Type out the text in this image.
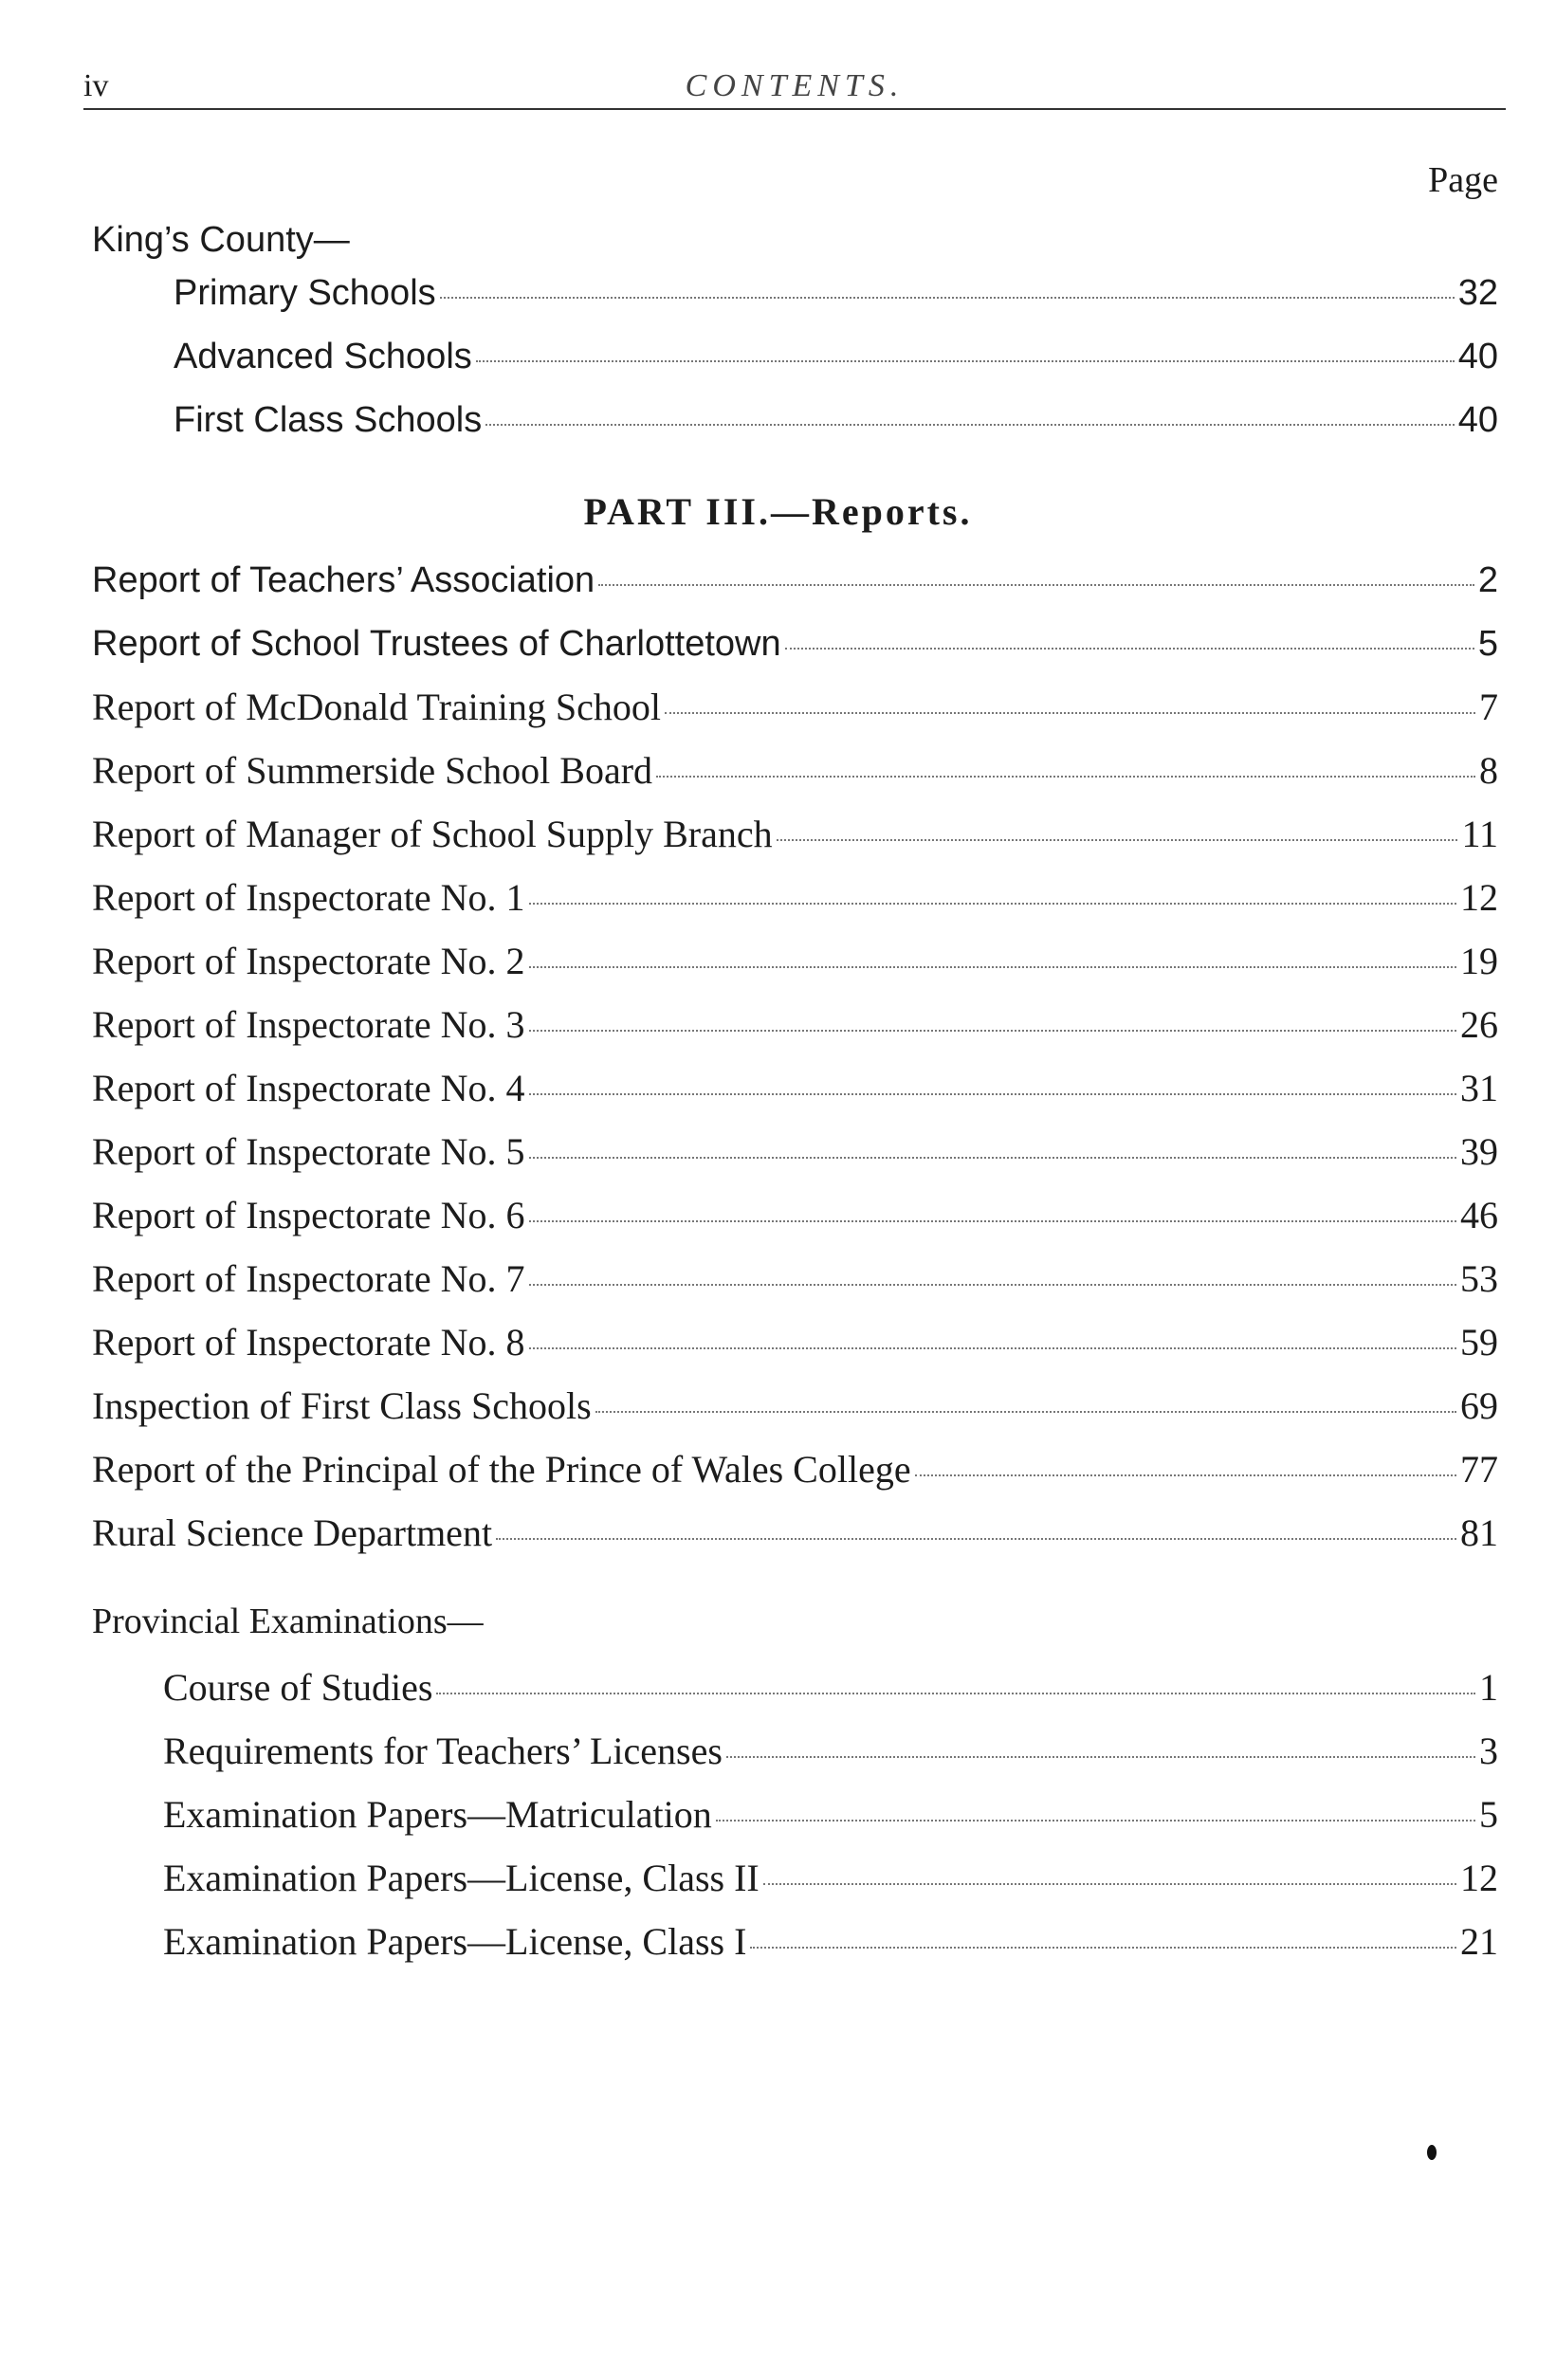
iv	CONTENTS.
Page
King’s County—
Primary Schools	32
Advanced Schools	40
First Class Schools	40
PART III.—Reports.
Report of Teachers’ Association	2
Report of School Trustees of Charlottetown	5
Report of McDonald Training School	7
Report of Summerside School Board	8
Report of Manager of School Supply Branch	11
Report of Inspectorate No. 1	12
Report of Inspectorate No. 2	19
Report of Inspectorate No. 3	26
Report of Inspectorate No. 4	31
Report of Inspectorate No. 5	39
Report of Inspectorate No. 6	46
Report of Inspectorate No. 7	53
Report of Inspectorate No. 8	59
Inspection of First Class Schools	69
Report of the Principal of the Prince of Wales College	77
Rural Science Department	81
Provincial Examinations—
Course of Studies	1
Requirements for Teachers’ Licenses	3
Examination Papers—Matriculation	5
Examination Papers—License, Class II	12
Examination Papers—License, Class I	21
